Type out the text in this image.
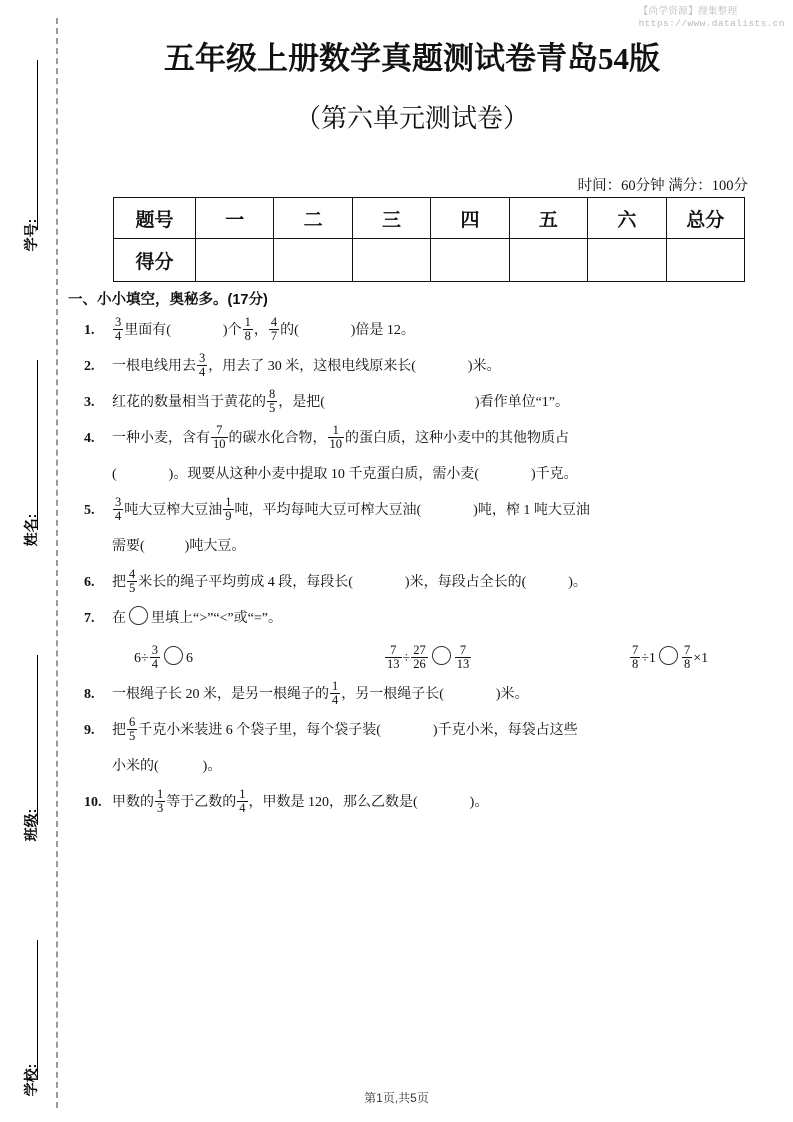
【尚学资源】搜集整理
https://www.datalists.cn
学号:
姓名:
班级:
学校:
五年级上册数学真题测试卷青岛54版
（第六单元测试卷）
时间：60分钟 满分：100分
题号	一	二	三	四	五	六	总分
得分							
一、小小填空，奥秘多。(17分)
1. $\frac{3}{4}$ 里面有(	)个 $\frac{1}{8}$ ， $\frac{4}{7}$ 的(	)倍是 12。
2. 一根电线用去 $\frac{3}{4}$ ，用去了 30 米，这根电线原来长(	)米。
3. 红花的数量相当于黄花的 $\frac{8}{5}$ ，是把(	)看作单位“1”。
4. 一种小麦，含有 $\frac{7}{10}$ 的碳水化合物， $\frac{1}{10}$ 的蛋白质，这种小麦中的其他物质占
(	)。现要从这种小麦中提取 10 千克蛋白质，需小麦(	)千克。
5. $\frac{3}{4}$ 吨大豆榨大豆油 $\frac{1}{9}$ 吨，平均每吨大豆可榨大豆油(	)吨，榨 1 吨大豆油
需要(	)吨大豆。
6. 把 $\frac{4}{5}$ 米长的绳子平均剪成 4 段，每段长(	)米，每段占全长的(	)。
7. 在 里填上“>”“<”或“=”。
$6\div \frac{3}{4} 6$	$\frac{7}{13} \div \frac{27}{26} \frac{7}{13}$	$\frac{7}{8} \div 1 \frac{7}{8} \times 1$
8. 一根绳子长 20 米，是另一根绳子的 $\frac{1}{4}$ ，另一根绳子长(	)米。
9. 把 $\frac{6}{5}$ 千克小米装进 6 个袋子里，每个袋子装(	)千克小米，每袋占这些
小米的(	)。
10. 甲数的 $\frac{1}{3}$ 等于乙数的 $\frac{1}{4}$ ，甲数是 120，那么乙数是(	)。
第1页,共5页
